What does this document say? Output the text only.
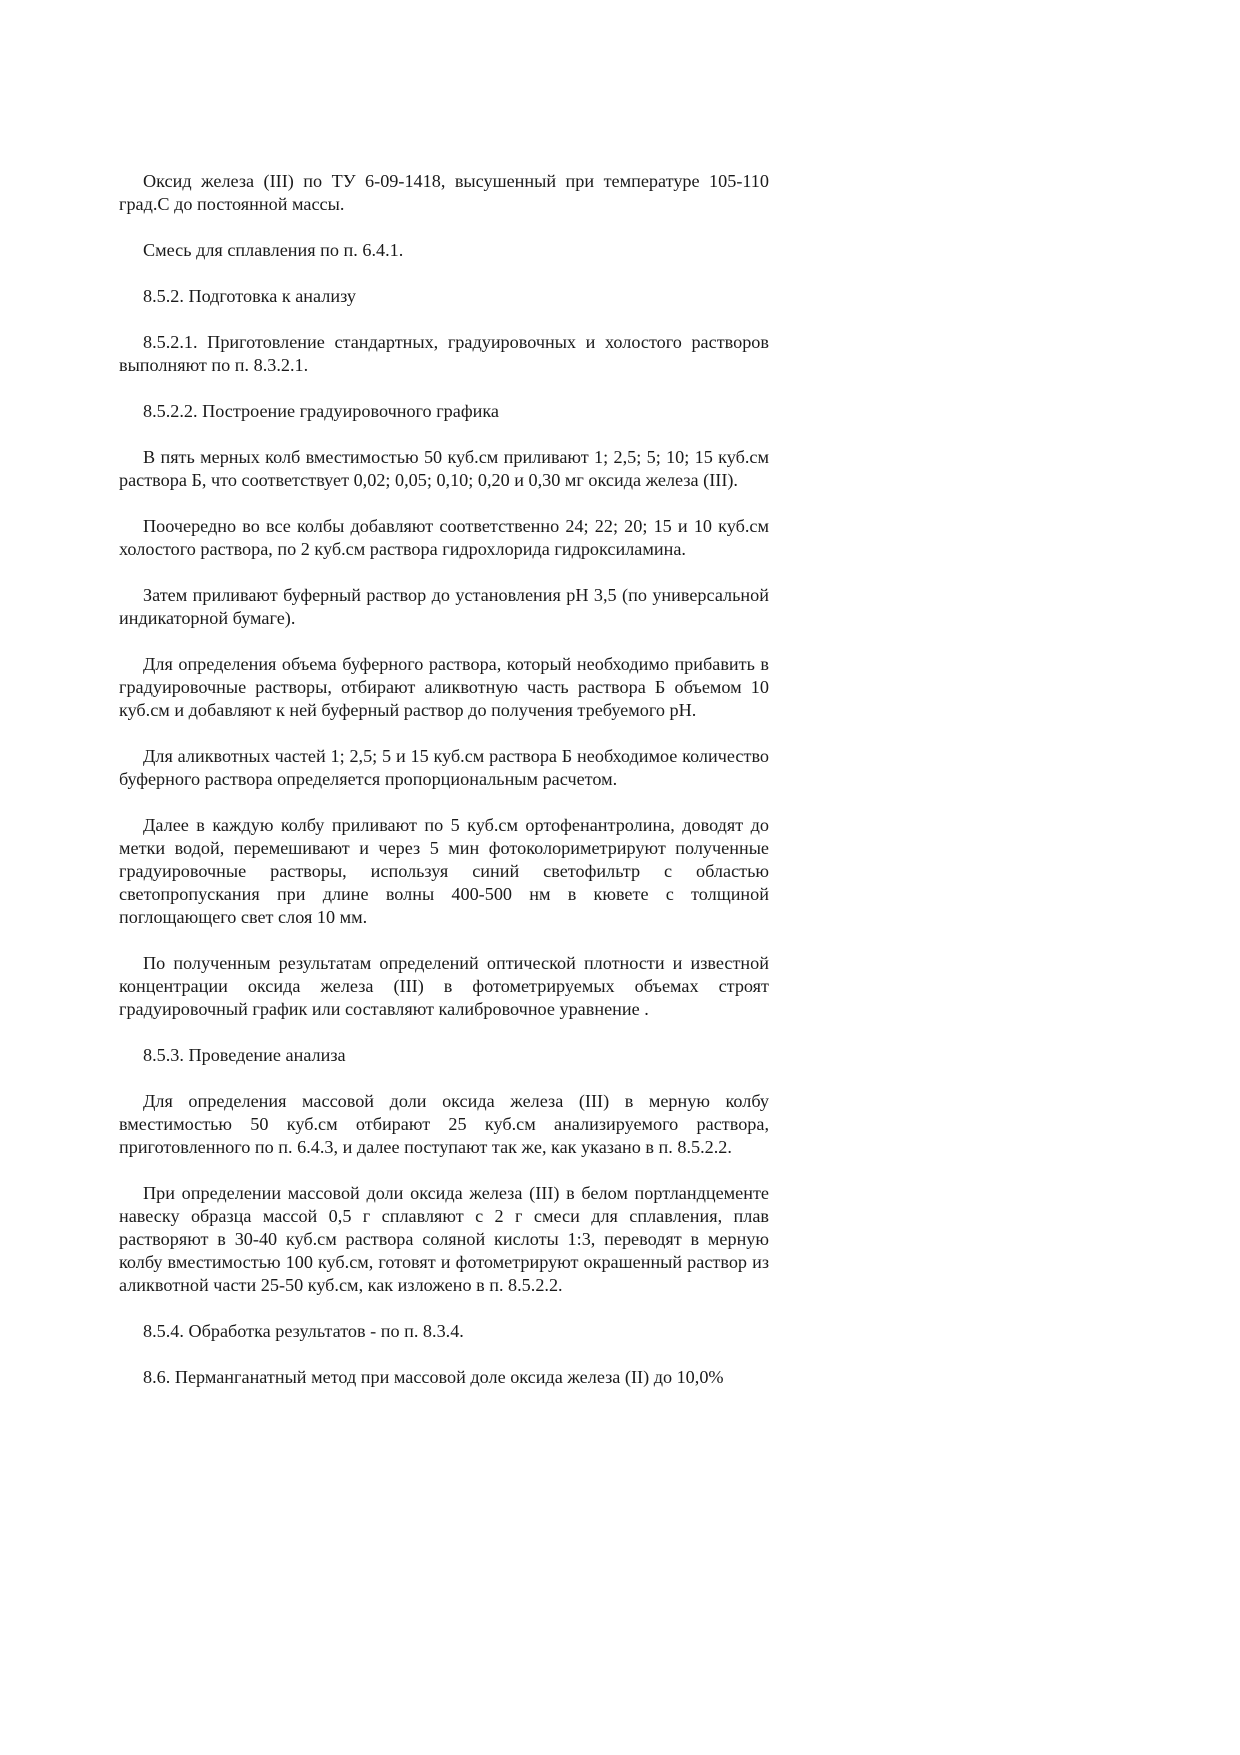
Оксид железа (III) по ТУ 6-09-1418, высушенный при температуре 105-110 град.С до постоянной массы.

Смесь для сплавления по п. 6.4.1.

8.5.2. Подготовка к анализу

8.5.2.1. Приготовление стандартных, градуировочных и холостого растворов выполняют по п. 8.3.2.1.

8.5.2.2. Построение градуировочного графика

В пять мерных колб вместимостью 50 куб.см приливают 1; 2,5; 5; 10; 15 куб.см раствора Б, что соответствует 0,02; 0,05; 0,10; 0,20 и 0,30 мг оксида железа (III).

Поочередно во все колбы добавляют соответственно 24; 22; 20; 15 и 10 куб.см холостого раствора, по 2 куб.см раствора гидрохлорида гидроксиламина.

Затем приливают буферный раствор до установления pH 3,5 (по универсальной индикаторной бумаге).

Для определения объема буферного раствора, который необходимо прибавить в градуировочные растворы, отбирают аликвотную часть раствора Б объемом 10 куб.см и добавляют к ней буферный раствор до получения требуемого pH.

Для аликвотных частей 1; 2,5; 5 и 15 куб.см раствора Б необходимое количество буферного раствора определяется пропорциональным расчетом.

Далее в каждую колбу приливают по 5 куб.см ортофенантролина, доводят до метки водой, перемешивают и через 5 мин фотоколориметрируют полученные градуировочные растворы, используя синий светофильтр с областью светопропускания при длине волны 400-500 нм в кювете с толщиной поглощающего свет слоя 10 мм.

По полученным результатам определений оптической плотности и известной концентрации оксида железа (III) в фотометрируемых объемах строят градуировочный график или составляют калибровочное уравнение .

8.5.3. Проведение анализа

Для определения массовой доли оксида железа (III) в мерную колбу вместимостью 50 куб.см отбирают 25 куб.см анализируемого раствора, приготовленного по п. 6.4.3, и далее поступают так же, как указано в п. 8.5.2.2.

При определении массовой доли оксида железа (III) в белом портландцементе навеску образца массой 0,5 г сплавляют с 2 г смеси для сплавления, плав растворяют в 30-40 куб.см раствора соляной кислоты 1:3, переводят в мерную колбу вместимостью 100 куб.см, готовят и фотометрируют окрашенный раствор из аликвотной части 25-50 куб.см, как изложено в п. 8.5.2.2.

8.5.4. Обработка результатов - по п. 8.3.4.

8.6. Перманганатный метод при массовой доле оксида железа (II) до 10,0%
